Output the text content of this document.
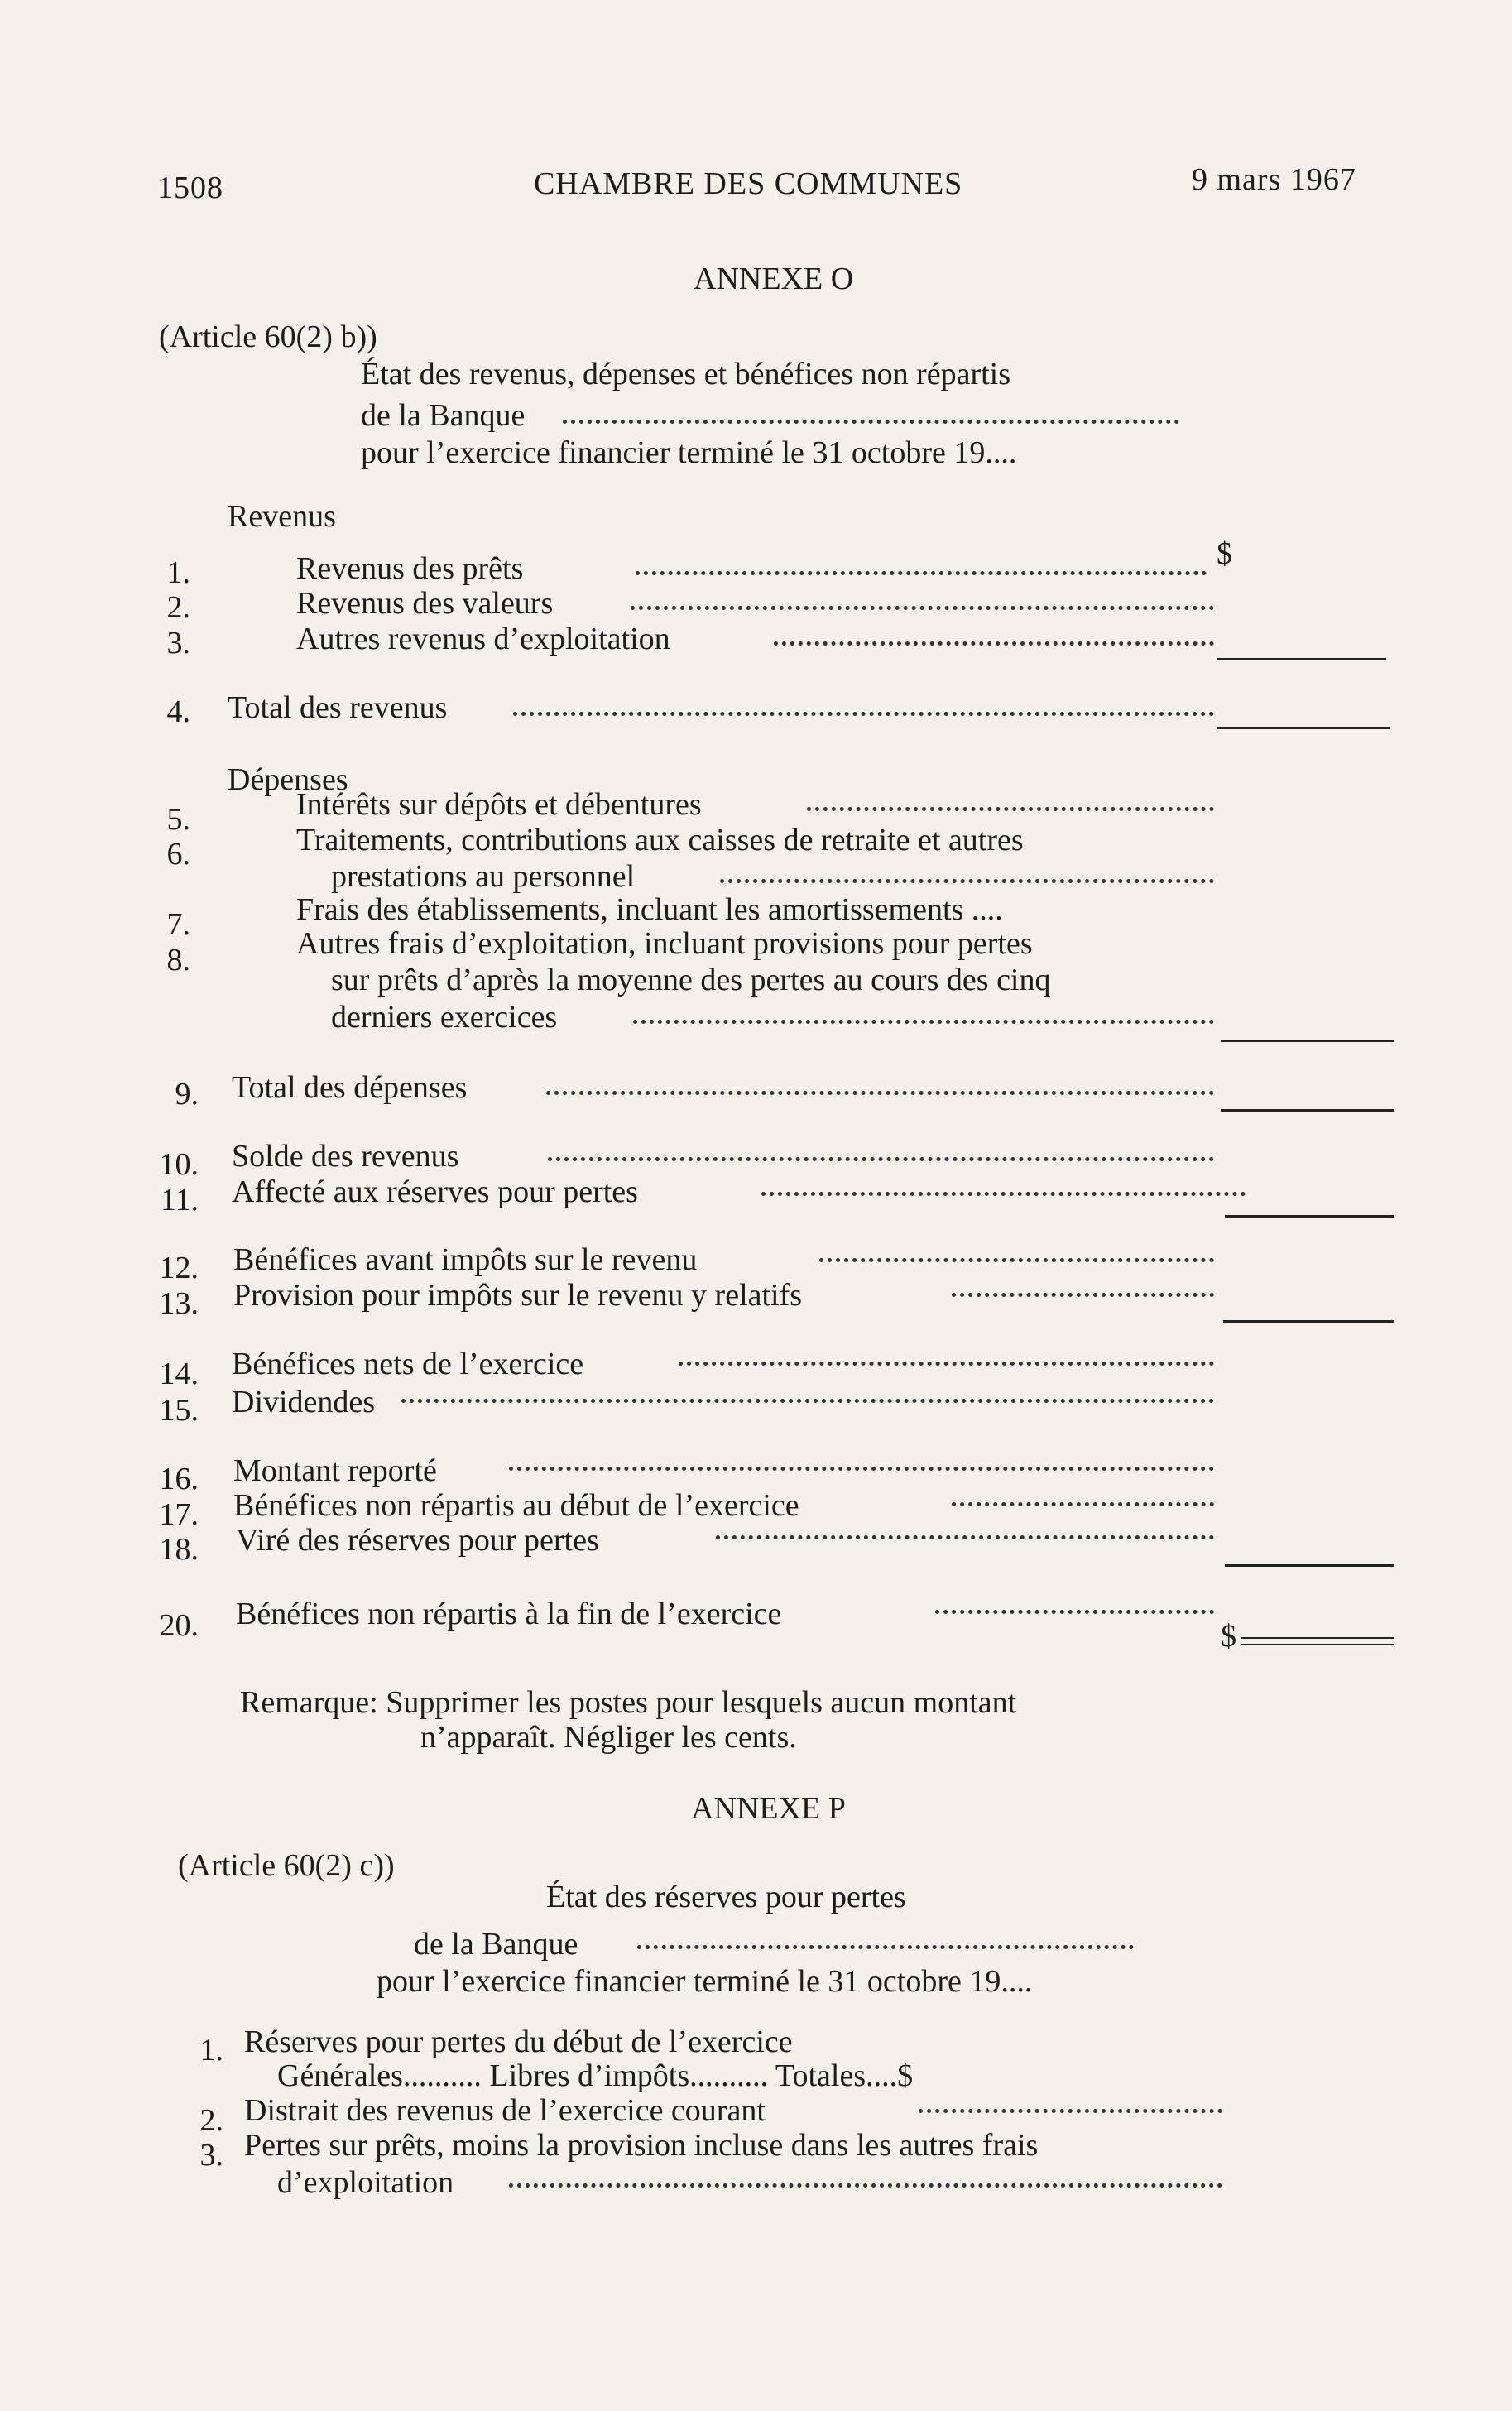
1508	CHAMBRE DES COMMUNES	9 mars 1967
ANNEXE O
(Article 60(2) b))
État des revenus, dépenses et bénéfices non répartis
de la Banque
pour l’exercice financier terminé le 31 octobre 19....
Revenus
1.	Revenus des prêts	$
2.	Revenus des valeurs
3.	Autres revenus d’exploitation
4. Total des revenus
Dépenses
5.	Intérêts sur dépôts et débentures
6.	Traitements, contributions aux caisses de retraite et autres
prestations au personnel
7.	Frais des établissements, incluant les amortissements ....
8.	Autres frais d’exploitation, incluant provisions pour pertes
sur prêts d’après la moyenne des pertes au cours des cinq
derniers exercices
9. Total des dépenses
10. Solde des revenus
11. Affecté aux réserves pour pertes
12. Bénéfices avant impôts sur le revenu
13. Provision pour impôts sur le revenu y relatifs
14. Bénéfices nets de l’exercice
15. Dividendes
16. Montant reporté
17. Bénéfices non répartis au début de l’exercice
18. Viré des réserves pour pertes
20. Bénéfices non répartis à la fin de l’exercice
$
Remarque: Supprimer les postes pour lesquels aucun montant
n’apparaît. Négliger les cents.
ANNEXE P
(Article 60(2) c))
État des réserves pour pertes
de la Banque
pour l’exercice financier terminé le 31 octobre 19....
1. Réserves pour pertes du début de l’exercice
Générales.......... Libres d’impôts.......... Totales....$
2. Distrait des revenus de l’exercice courant
3. Pertes sur prêts, moins la provision incluse dans les autres frais
d’exploitation
